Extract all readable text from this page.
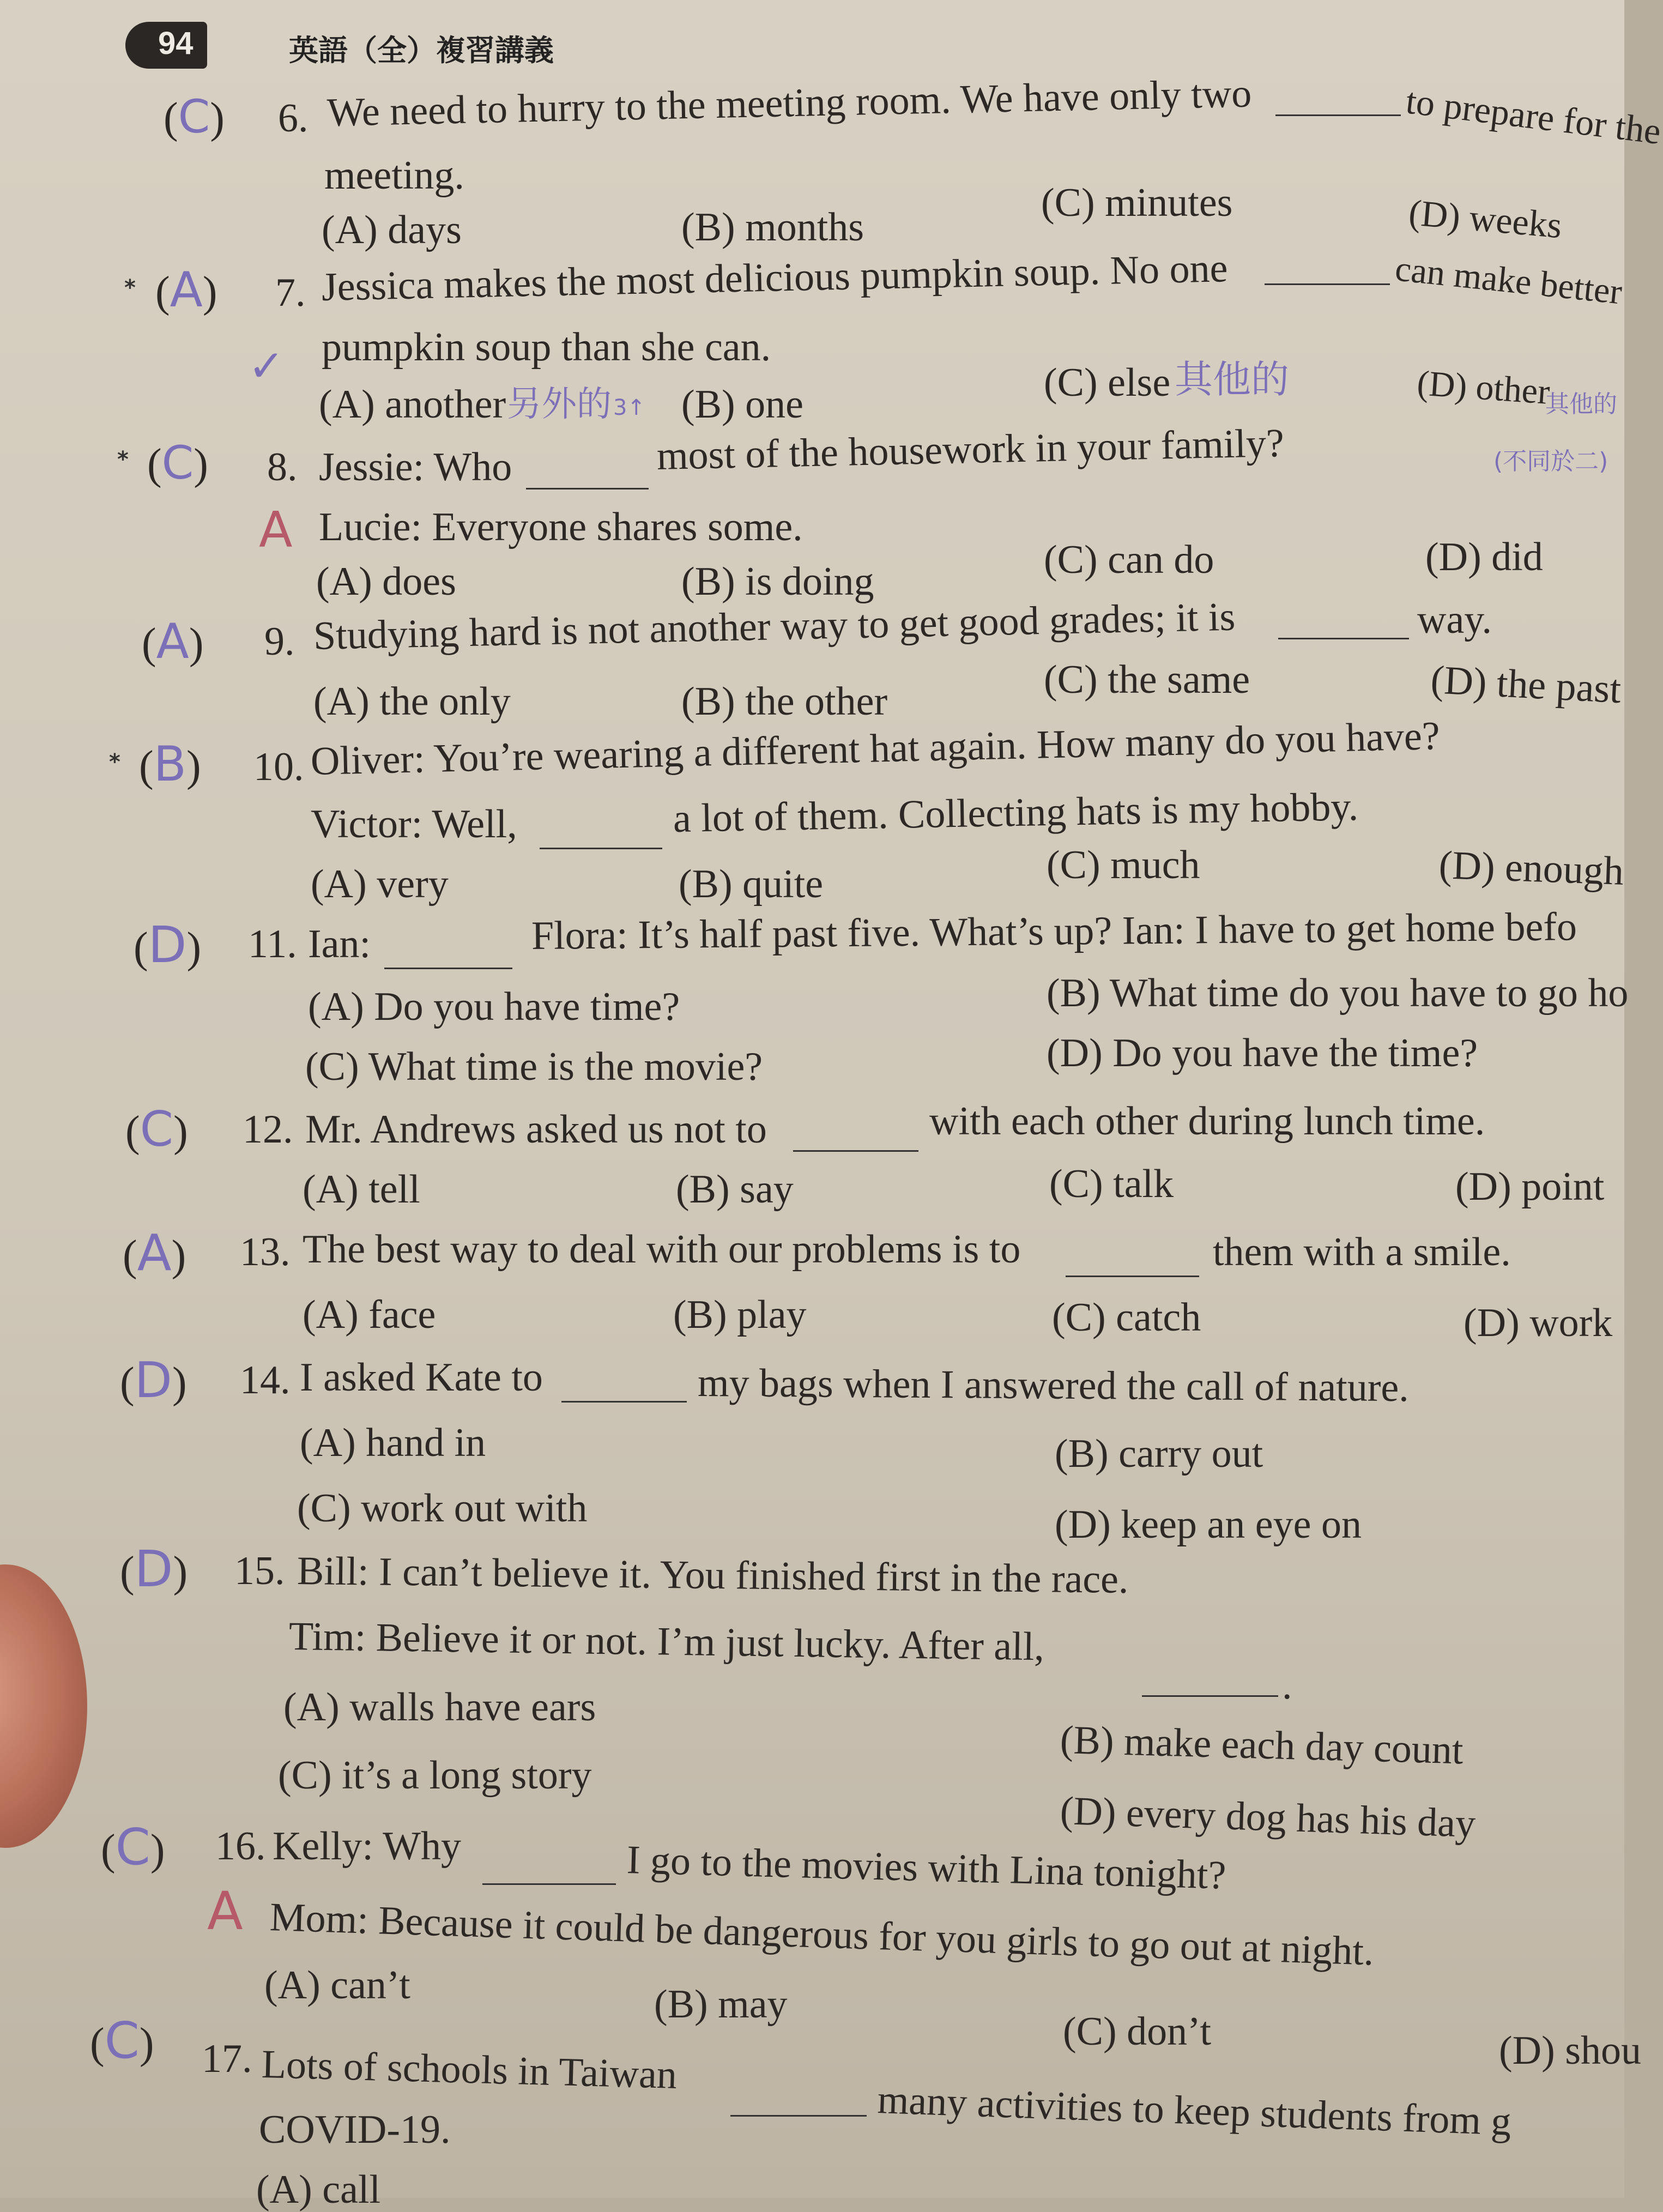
94	英語（全）複習講義
(C) 6. We need to hurry to the meeting room. We have only two	to prepare for the
meeting.
(A) days	(B) months
(C) minutes	(D) weeks
* (A) 7. Jessica makes the most delicious pumpkin soup. No one	can make better
pumpkin soup than she can.
✓
(A) another 另外的 3↑ (B) one	(C) else 其他的	(D) other
其他的
(不同於二)
* (C) 8. Jessie: Who	most of the housework in your family?
A Lucie: Everyone shares some.
(A) does	(B) is doing	(C) can do	(D) did
(A) 9. Studying hard is not another way to get good grades; it is	way.
(A) the only	(B) the other	(C) the same	(D) the past
* (B) 10. Oliver: You’re wearing a different hat again. How many do you have?
Victor: Well,	a lot of them. Collecting hats is my hobby.
(A) very	(B) quite	(C) much	(D) enough
(D) 11. Ian:	Flora: It’s half past five. What’s up? Ian: I have to get home befo
(A) Do you have time?	(B) What time do you have to go ho
(C) What time is the movie?	(D) Do you have the time?
(C) 12. Mr. Andrews asked us not to	with each other during lunch time.
(A) tell	(B) say	(C) talk	(D) point
(A) 13. The best way to deal with our problems is to	them with a smile.
(A) face	(B) play	(C) catch	(D) work
(D) 14. I asked Kate to	my bags when I answered the call of nature.
(A) hand in	(B) carry out
(C) work out with	(D) keep an eye on
(D) 15. Bill: I can’t believe it. You finished first in the race.
Tim: Believe it or not. I’m just lucky. After all,
.
(A) walls have ears
(B) make each day count
(C) it’s a long story
(D) every dog has his day
(C) 16. Kelly: Why	I go to the movies with Lina tonight?
A Mom: Because it could be dangerous for you girls to go out at night.
(A) can’t	(B) may
(C) don’t	(D) shou
(C) 17. Lots of schools in Taiwan
many activities to keep students from g
COVID-19.
(A) call
